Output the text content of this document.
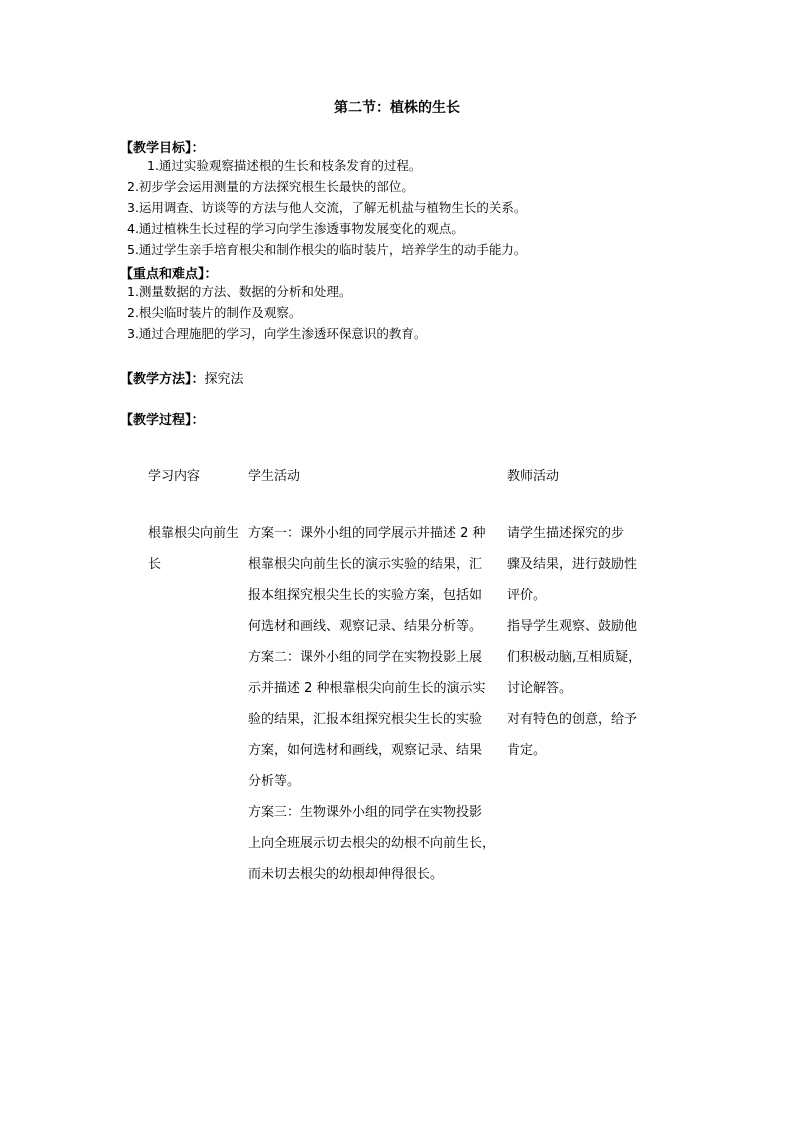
第二节：植株的生长
【教学目标】：
1.通过实验观察描述根的生长和枝条发育的过程。
2.初步学会运用测量的方法探究根生长最快的部位。
3.运用调查、访谈等的方法与他人交流，了解无机盐与植物生长的关系。
4.通过植株生长过程的学习向学生渗透事物发展变化的观点。
5.通过学生亲手培育根尖和制作根尖的临时装片，培养学生的动手能力。
【重点和难点】：
1.测量数据的方法、数据的分析和处理。
2.根尖临时装片的制作及观察。
3.通过合理施肥的学习，向学生渗透环保意识的教育。
【教学方法】：探究法
【教学过程】：
学习内容	学生活动	教师活动
根靠根尖向前生
长
方案一：课外小组的同学展示并描述 2 种
根靠根尖向前生长的演示实验的结果，汇
报本组探究根尖生长的实验方案，包括如
何选材和画线、观察记录、结果分析等。
方案二：课外小组的同学在实物投影上展
示并描述 2 种根靠根尖向前生长的演示实
验的结果，汇报本组探究根尖生长的实验
方案，如何选材和画线，观察记录、结果
分析等。
方案三：生物课外小组的同学在实物投影
上向全班展示切去根尖的幼根不向前生长，
而未切去根尖的幼根却伸得很长。
请学生描述探究的步
骤及结果，进行鼓励性
评价。
指导学生观察、鼓励他
们积极动脑,互相质疑，
讨论解答。
对有特色的创意，给予
肯定。
